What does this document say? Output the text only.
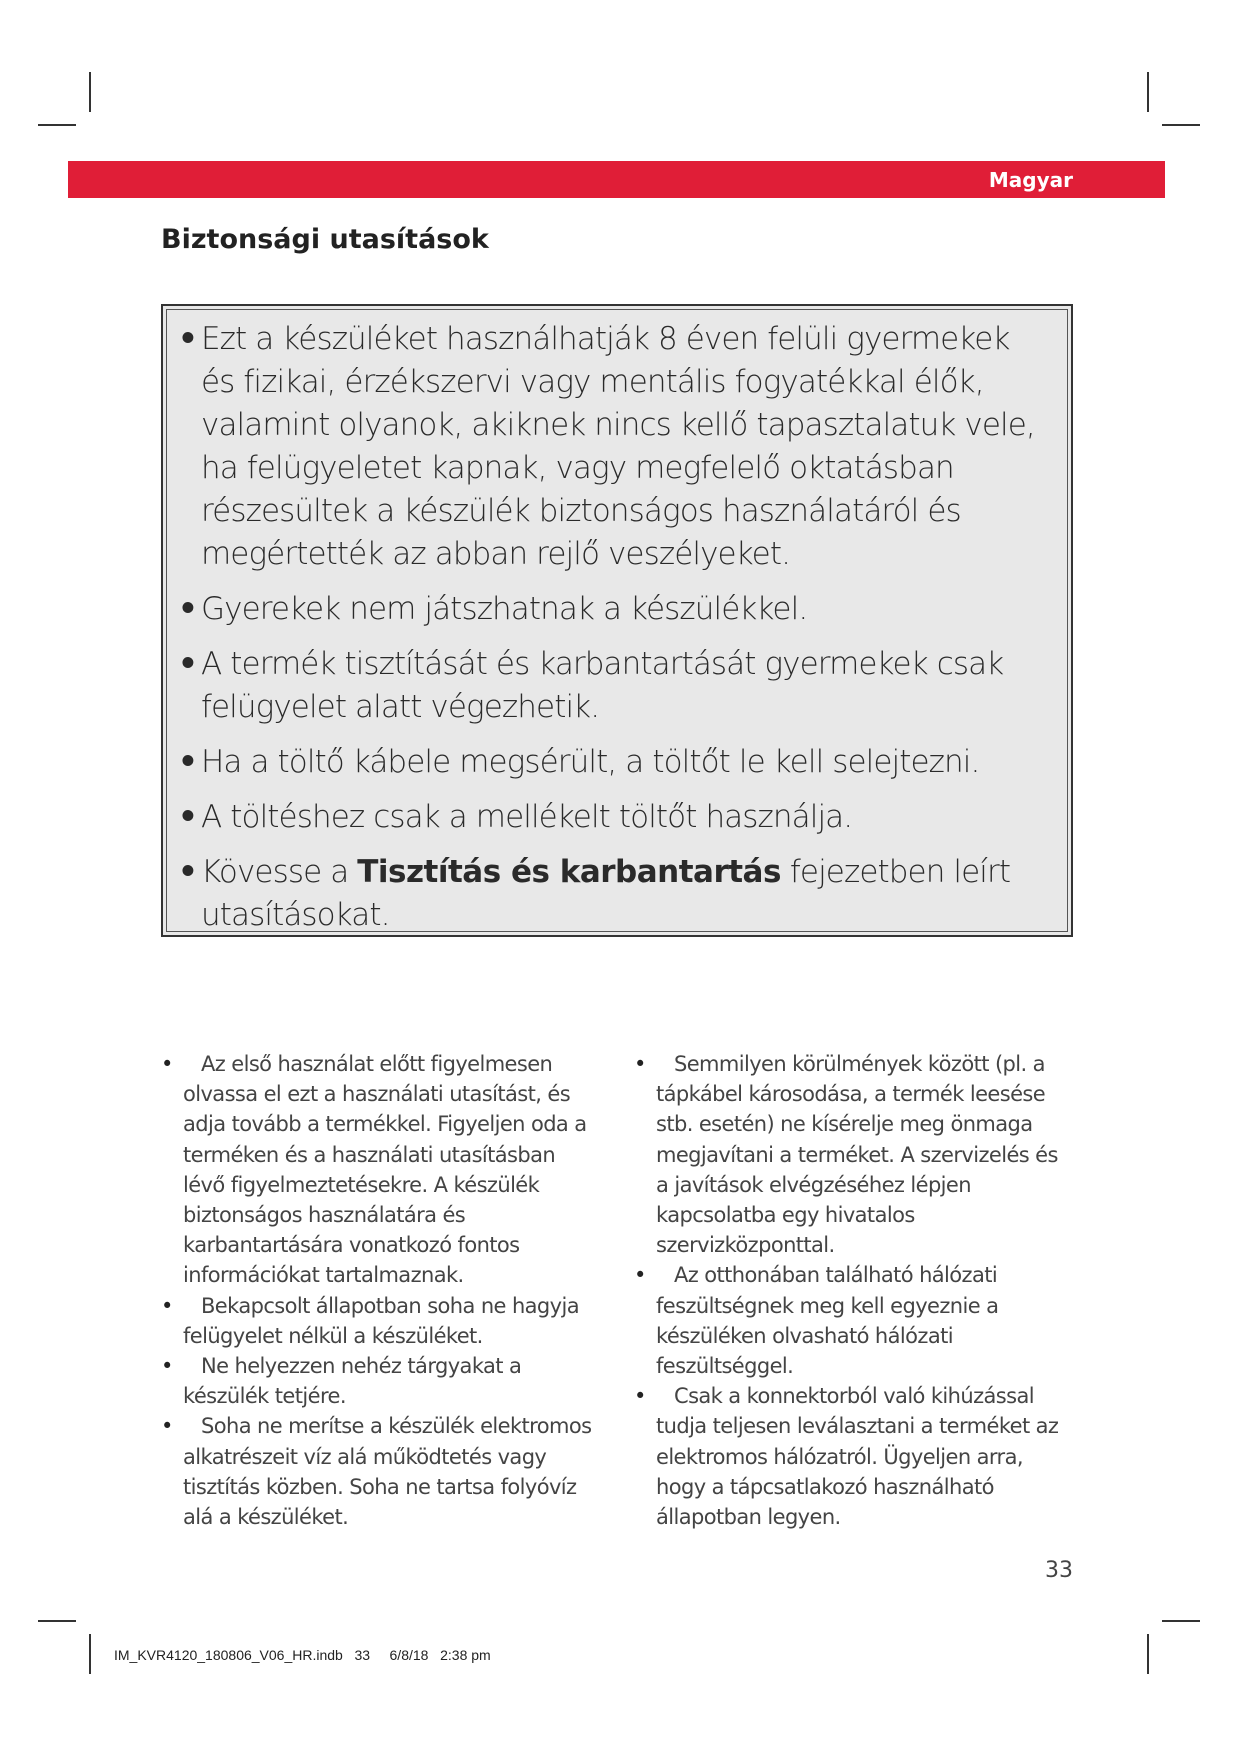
Magyar
Biztonsági utasítások
• Ezt a készüléket használhatják 8 éven felüli gyermekek és fizikai, érzékszervi vagy mentális fogyatékkal élők, valamint olyanok, akiknek nincs kellő tapasztalatuk vele, ha felügyeletet kapnak, vagy megfelelő oktatásban részesültek a készülék biztonságos használatáról és megértették az abban rejlő veszélyeket.
• Gyerekek nem játszhatnak a készülékkel.
• A termék tisztítását és karbantartását gyermekek csak felügyelet alatt végezhetik.
• Ha a töltő kábele megsérült, a töltőt le kell selejtezni.
• A töltéshez csak a mellékelt töltőt használja.
• Kövesse a Tisztítás és karbantartás fejezetben leírt utasításokat.
• Az első használat előtt figyelmesen olvassa el ezt a használati utasítást, és adja tovább a termékkel. Figyeljen oda a terméken és a használati utasításban lévő figyelmeztetésekre. A készülék biztonságos használatára és karbantartására vonatkozó fontos információkat tartalmaznak.
• Bekapcsolt állapotban soha ne hagyja felügyelet nélkül a készüléket.
• Ne helyezzen nehéz tárgyakat a készülék tetjére.
• Soha ne merítse a készülék elektromos alkatrészeit víz alá működtetés vagy tisztítás közben. Soha ne tartsa folyóvíz alá a készüléket.
• Semmilyen körülmények között (pl. a tápkábel károsodása, a termék leesése stb. esetén) ne kísérelje meg önmaga megjavítani a terméket. A szervizelés és a javítások elvégzéséhez lépjen kapcsolatba egy hivatalos szervizközponttal.
• Az otthonában található hálózati feszültségnek meg kell egyeznie a készüléken olvasható hálózati feszültséggel.
• Csak a konnektorból való kihúzással tudja teljesen leválasztani a terméket az elektromos hálózatról. Ügyeljen arra, hogy a tápcsatlakozó használható állapotban legyen.
33
IM_KVR4120_180806_V06_HR.indb   33     6/8/18   2:38 pm
